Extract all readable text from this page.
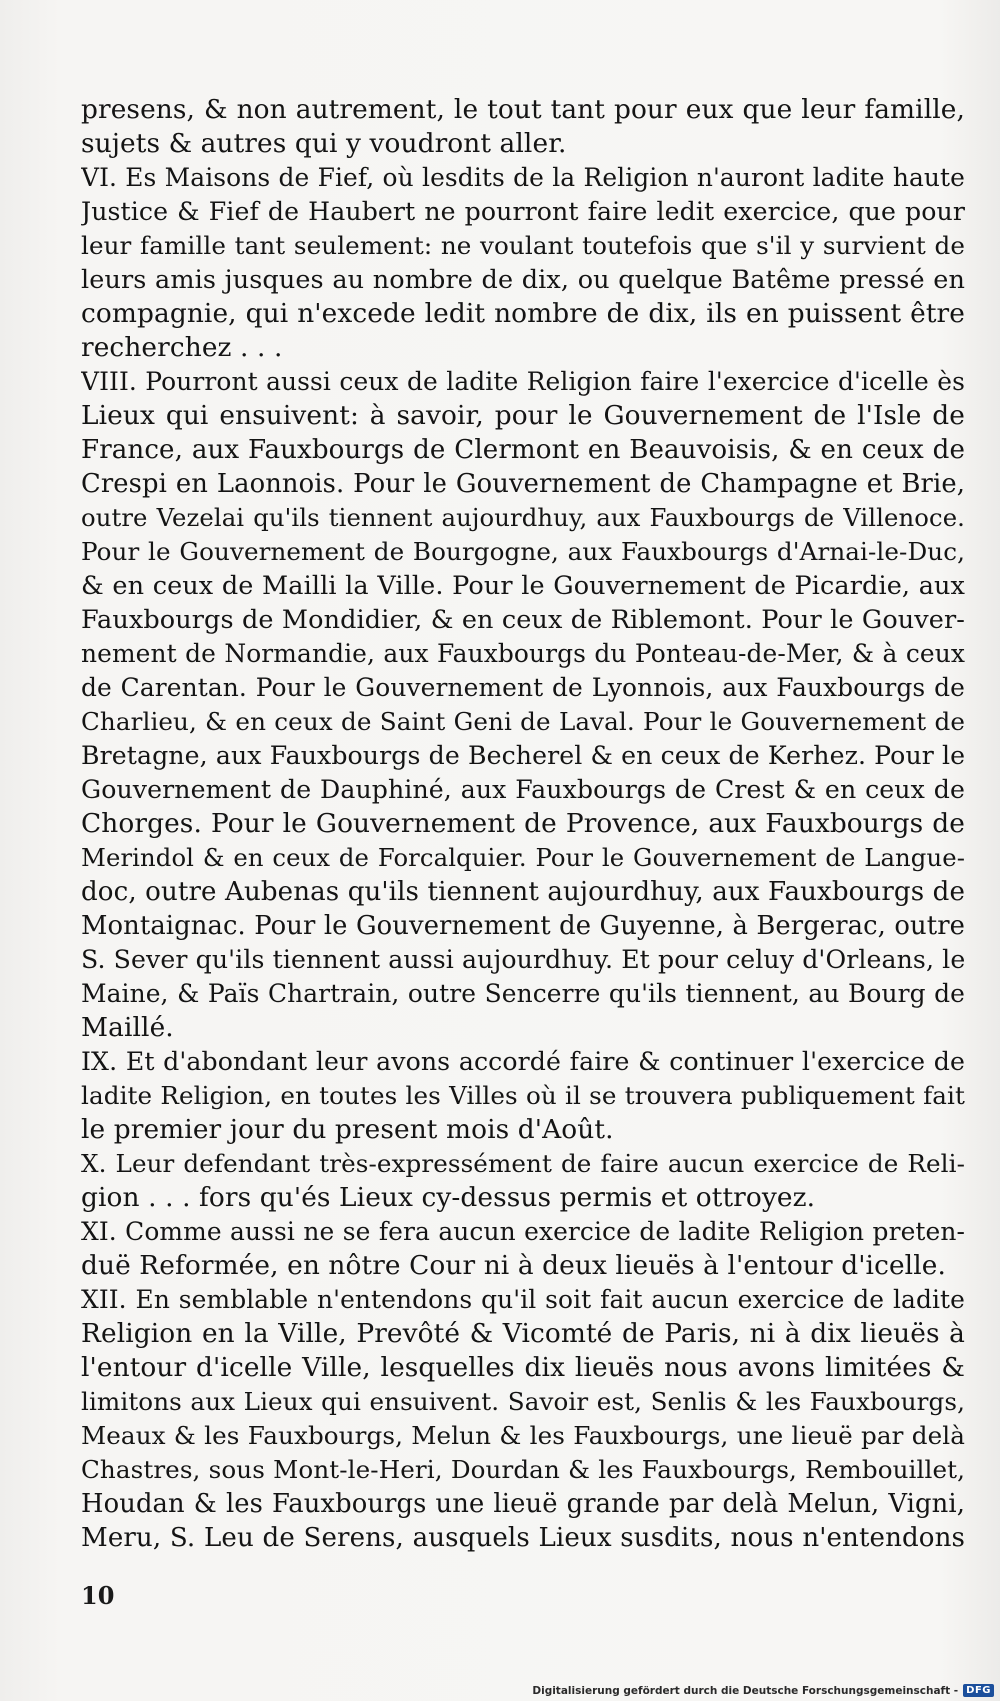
presens, & non autrement, le tout tant pour eux que leur famille,
sujets & autres qui y voudront aller.
VI. Es Maisons de Fief, où lesdits de la Religion n'auront ladite haute
Justice & Fief de Haubert ne pourront faire ledit exercice, que pour
leur famille tant seulement: ne voulant toutefois que s'il y survient de
leurs amis jusques au nombre de dix, ou quelque Batême pressé en
compagnie, qui n'excede ledit nombre de dix, ils en puissent être
recherchez . . .
VIII. Pourront aussi ceux de ladite Religion faire l'exercice d'icelle ès
Lieux qui ensuivent: à savoir, pour le Gouvernement de l'Isle de
France, aux Fauxbourgs de Clermont en Beauvoisis, & en ceux de
Crespi en Laonnois. Pour le Gouvernement de Champagne et Brie,
outre Vezelai qu'ils tiennent aujourdhuy, aux Fauxbourgs de Villenoce.
Pour le Gouvernement de Bourgogne, aux Fauxbourgs d'Arnai-le-Duc,
& en ceux de Mailli la Ville. Pour le Gouvernement de Picardie, aux
Fauxbourgs de Mondidier, & en ceux de Riblemont. Pour le Gouver-
nement de Normandie, aux Fauxbourgs du Ponteau-de-Mer, & à ceux
de Carentan. Pour le Gouvernement de Lyonnois, aux Fauxbourgs de
Charlieu, & en ceux de Saint Geni de Laval. Pour le Gouvernement de
Bretagne, aux Fauxbourgs de Becherel & en ceux de Kerhez. Pour le
Gouvernement de Dauphiné, aux Fauxbourgs de Crest & en ceux de
Chorges. Pour le Gouvernement de Provence, aux Fauxbourgs de
Merindol & en ceux de Forcalquier. Pour le Gouvernement de Langue-
doc, outre Aubenas qu'ils tiennent aujourdhuy, aux Fauxbourgs de
Montaignac. Pour le Gouvernement de Guyenne, à Bergerac, outre
S. Sever qu'ils tiennent aussi aujourdhuy. Et pour celuy d'Orleans, le
Maine, & Païs Chartrain, outre Sencerre qu'ils tiennent, au Bourg de
Maillé.
IX. Et d'abondant leur avons accordé faire & continuer l'exercice de
ladite Religion, en toutes les Villes où il se trouvera publiquement fait
le premier jour du present mois d'Août.
X. Leur defendant très-expressément de faire aucun exercice de Reli-
gion . . . fors qu'és Lieux cy-dessus permis et ottroyez.
XI. Comme aussi ne se fera aucun exercice de ladite Religion preten-
duë Reformée, en nôtre Cour ni à deux lieuës à l'entour d'icelle.
XII. En semblable n'entendons qu'il soit fait aucun exercice de ladite
Religion en la Ville, Prevôté & Vicomté de Paris, ni à dix lieuës à
l'entour d'icelle Ville, lesquelles dix lieuës nous avons limitées &
limitons aux Lieux qui ensuivent. Savoir est, Senlis & les Fauxbourgs,
Meaux & les Fauxbourgs, Melun & les Fauxbourgs, une lieuë par delà
Chastres, sous Mont-le-Heri, Dourdan & les Fauxbourgs, Rembouillet,
Houdan & les Fauxbourgs une lieuë grande par delà Melun, Vigni,
Meru, S. Leu de Serens, ausquels Lieux susdits, nous n'entendons
10
Digitalisierung gefördert durch die Deutsche Forschungsgemeinschaft - DFG
